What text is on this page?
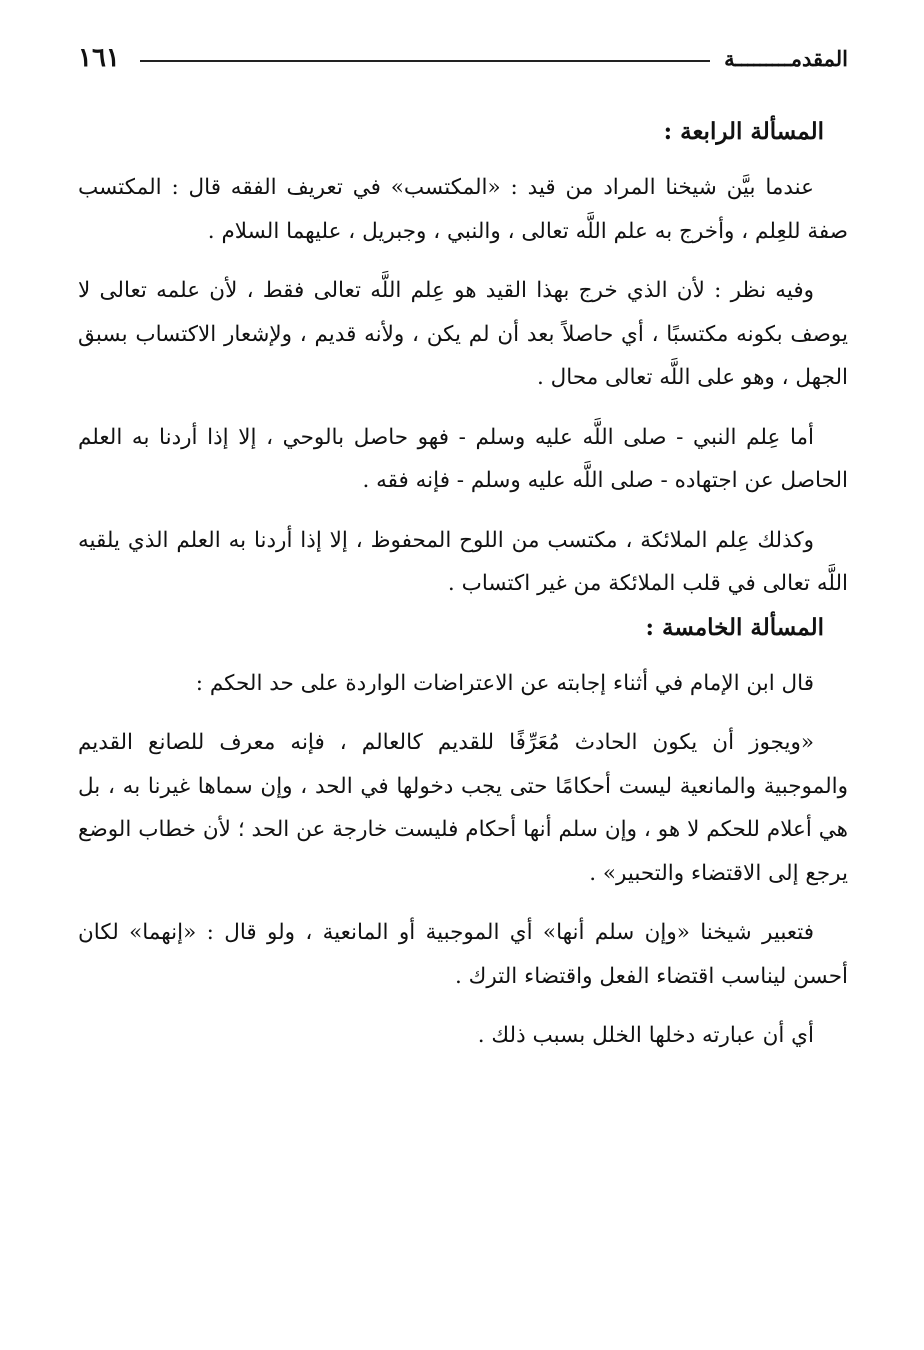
المقدمـــــــــة
١٦١
المسألة الرابعة :

عندما بيَّن شيخنا المراد من قيد : «المكتسب» في تعريف الفقه قال : المكتسب صفة للعِلم ، وأخرج به علم اللَّه تعالى ، والنبي ، وجبريل ، عليهما السلام .

وفيه نظر : لأن الذي خرج بهذا القيد هو عِلم اللَّه تعالى فقط ، لأن علمه تعالى لا يوصف بكونه مكتسبًا ، أي حاصلاً بعد أن لم يكن ، ولأنه قديم ، ولإشعار الاكتساب بسبق الجهل ، وهو على اللَّه تعالى محال .

أما عِلم النبي - صلى اللَّه عليه وسلم - فهو حاصل بالوحي ، إلا إذا أردنا به العلم الحاصل عن اجتهاده - صلى اللَّه عليه وسلم - فإنه فقه .

وكذلك عِلم الملائكة ، مكتسب من اللوح المحفوظ ، إلا إذا أردنا به العلم الذي يلقيه اللَّه تعالى في قلب الملائكة من غير اكتساب .

المسألة الخامسة :

قال ابن الإمام في أثناء إجابته عن الاعتراضات الواردة على حد الحكم :

«ويجوز أن يكون الحادث مُعَرِّفًا للقديم كالعالم ، فإنه معرف للصانع القديم والموجبية والمانعية ليست أحكامًا حتى يجب دخولها في الحد ، وإن سماها غيرنا به ، بل هي أعلام للحكم لا هو ، وإن سلم أنها أحكام فليست خارجة عن الحد ؛ لأن خطاب الوضع يرجع إلى الاقتضاء والتحبير» .

فتعبير شيخنا «وإن سلم أنها» أي الموجبية أو المانعية ، ولو قال : «إنهما» لكان أحسن ليناسب اقتضاء الفعل واقتضاء الترك .

أي أن عبارته دخلها الخلل بسبب ذلك .
